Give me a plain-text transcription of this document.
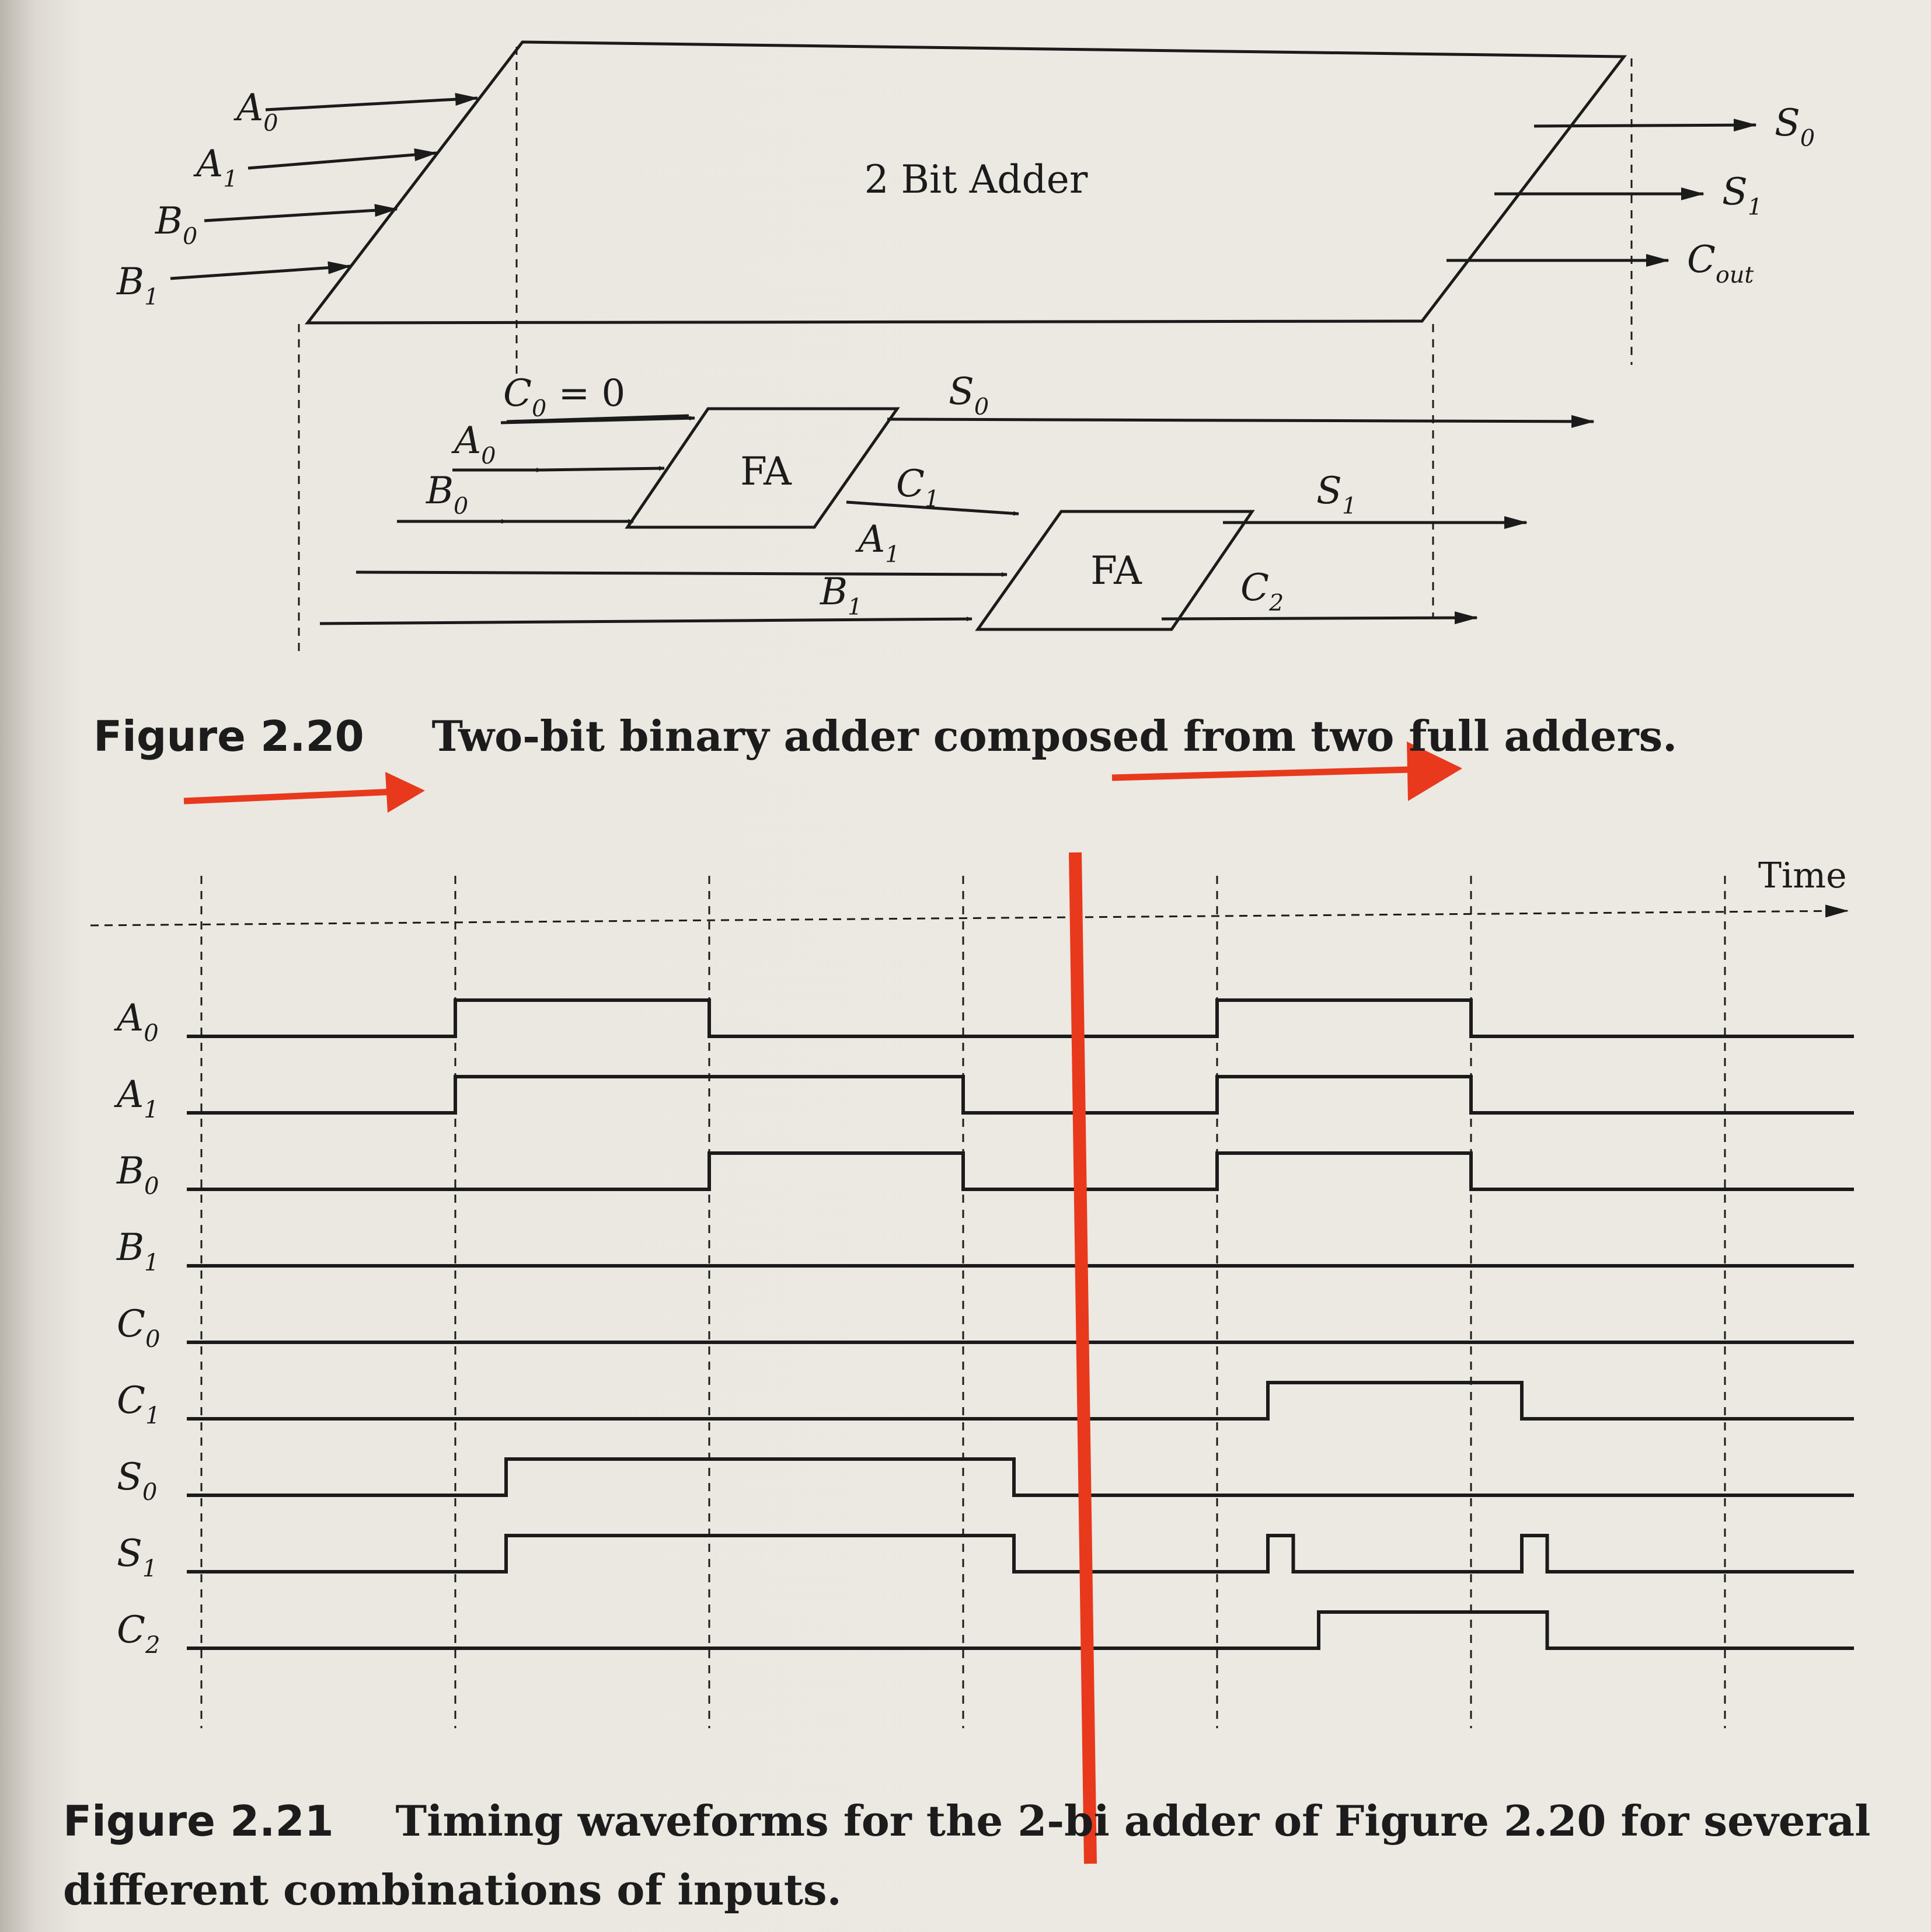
2 Bit Adder
$A_0$
$A_1$
$B_0$
$B_1$
$S_0$
$S_1$
$C_{out}$
FA
FA
$C_0 = 0$
$A_0$
$B_0$
$S_0$
$C_1$
$A_1$
$B_1$
$S_1$
$C_2$
Time
$A_0$
$A_1$
$B_0$
$B_1$
$C_0$
$C_1$
$S_0$
$S_1$
$C_2$
Figure 2.20 Two-bit binary adder composed from two full adders.
Figure 2.21 Timing waveforms for the 2-bi adder of Figure 2.20 for several
different combinations of inputs.
